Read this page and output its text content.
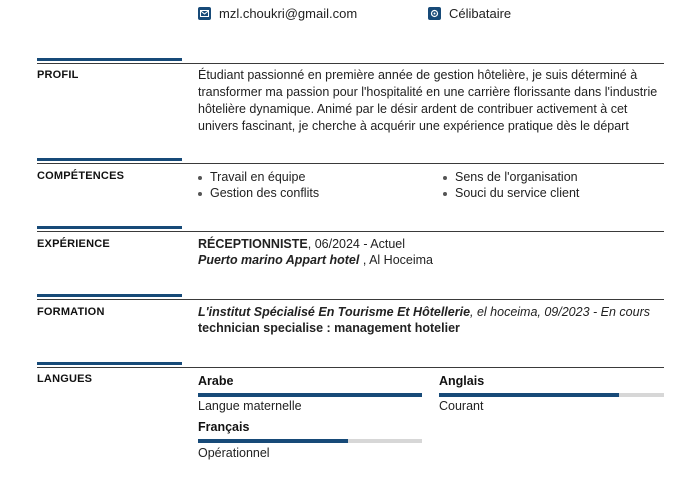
mzl.choukri@gmail.com	Célibataire
PROFIL	Étudiant passionné en première année de gestion hôtelière, je suis déterminé à
transformer ma passion pour l'hospitalité en une carrière florissante dans l'industrie
hôtelière dynamique. Animé par le désir ardent de contribuer activement à cet
univers fascinant, je cherche à acquérir une expérience pratique dès le départ
COMPÉTENCES	Travail en équipe	Sens de l'organisation
Gestion des conflits	Souci du service client
EXPÉRIENCE	RÉCEPTIONNISTE, 06/2024 - Actuel
Puerto marino Appart hotel , Al Hoceima
FORMATION	L'institut Spécialisé En Tourisme Et Hôtellerie, el hoceima, 09/2023 - En cours
technician specialise : management hotelier
LANGUES	Arabe
Langue maternelle
Anglais
Courant
Français
Opérationnel
